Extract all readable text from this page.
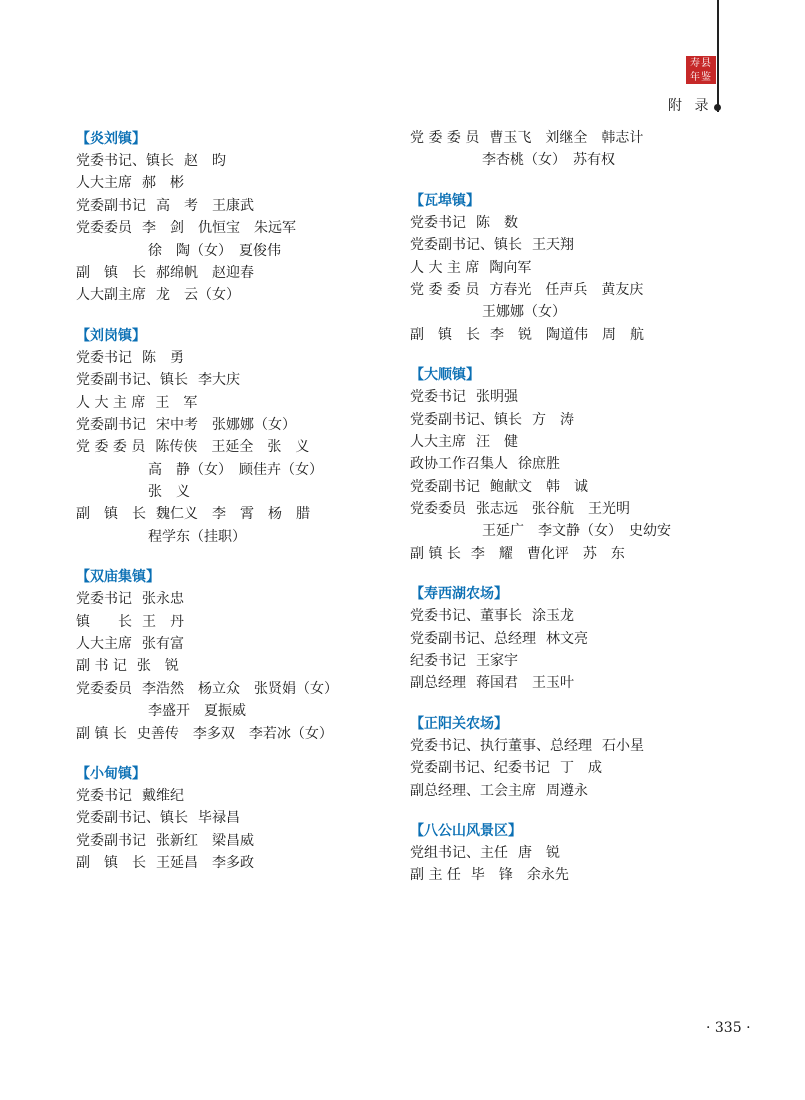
寿县
年鉴
附 录
【炎刘镇】
党委书记、镇长 赵　昀
人大主席 郝　彬
党委副书记 高　考　王康武
党委委员 李　剑　仇恒宝　朱远军
徐　陶（女）　夏俊伟
副　镇　长 郝绵帆　赵迎春
人大副主席 龙　云（女）
【刘岗镇】
党委书记 陈　勇
党委副书记、镇长 李大庆
人 大 主 席 王　军
党委副书记 宋中考　张娜娜（女）
党 委 委 员 陈传侠　王延全　张　义
高　静（女）　顾佳卉（女）
张　义
副　镇　长 魏仁义　李　霄　杨　腊
程学东（挂职）
【双庙集镇】
党委书记 张永忠
镇　　长 王　丹
人大主席 张有富
副 书 记 张　锐
党委委员 李浩然　杨立众　张贤娟（女）
李盛开　夏振威
副 镇 长 史善传　李多双　李若冰（女）
【小甸镇】
党委书记 戴维纪
党委副书记、镇长 毕禄昌
党委副书记 张新红　梁昌威
副　镇　长 王延昌　李多政
党 委 委 员 曹玉飞　刘继全　韩志计
李杏桃（女）　苏有权
【瓦埠镇】
党委书记 陈　数
党委副书记、镇长 王天翔
人 大 主 席 陶向军
党 委 委 员 方春光　任声兵　黄友庆
王娜娜（女）
副　镇　长 李　锐　陶道伟　周　航
【大顺镇】
党委书记 张明强
党委副书记、镇长 方　涛
人大主席 汪　健
政协工作召集人 徐庶胜
党委副书记 鲍献文　韩　诚
党委委员 张志远　张谷航　王光明
王延广　李文静（女）　史幼安
副 镇 长 李　耀　曹化评　苏　东
【寿西湖农场】
党委书记、董事长 涂玉龙
党委副书记、总经理 林文亮
纪委书记 王家宇
副总经理 蒋国君　王玉叶
【正阳关农场】
党委书记、执行董事、总经理 石小星
党委副书记、纪委书记 丁　成
副总经理、工会主席 周遵永
【八公山风景区】
党组书记、主任 唐　锐
副 主 任 毕　锋　余永先
· 335 ·
